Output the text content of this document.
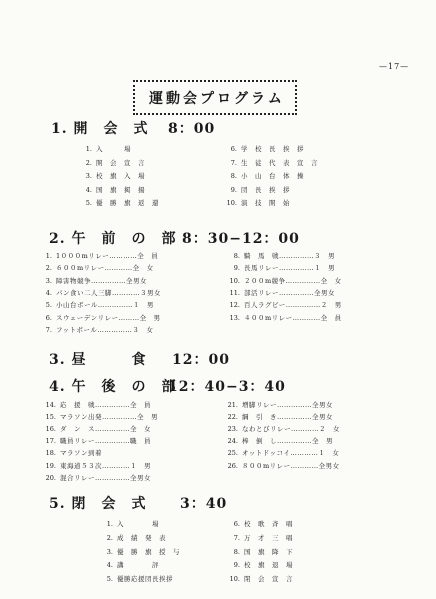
—17—
運動会プログラム
1. 開　会　式 8：00
1. 入　　　場
2. 開　会　宣　言
3. 校　旗　入　場
4. 国　旗　掲　揚
5. 優　勝　旗　返　還
6. 学　校　長　挨　拶
7. 生　徒　代　表　宣　言
8. 小　山　台　体　操
9. 団　長　挨　拶
10. 演　技　開　始
2. 午　前　の　部 8：30−12：00
1. 1０００mリレー…………全　員
2. ６００mリレー…………全　女
3. 障害物競争……………全男女
4. パン食い二人三脚…………３男女
5. 小山台ボール……………１　男
6. スウェーデンリレー………全　男
7. フットボール……………３　女
8. 騎　馬　戦……………３　男
9. 長馬リレー……………１　男
10. ２００m競争……………全　女
11. 部活リレー……………全男女
12. 百人ラグビー……………２　男
13. ４００mリレー…………全　員
3. 昼　　　食 12：00
4. 午　後　の　部
12：40−3：40
14. 応　援　戦……………全　員
15. マラソン出発……………全　男
16. ダ　ン　ス……………全　女
17. 職員リレー……………職　員
18. マラソン到着
19. 東海道５３次…………１　男
20. 混合リレー……………全男女
21. 増脚リレー……………全男女
22. 綱　引　き……………全男女
23. なわとびリレー…………２　女
24. 棒　倒　し……………全　男
25. オットドッコイ…………１　女
26. ８００mリレー…………全男女
5. 閉　会　式 3：40
1. 入　　　　場
2. 成　績　発　表
3. 優　勝　旗　授　与
4. 講　　　　評
5. 優勝応援団長挨拶
6. 校　歌　斉　唱
7. 万　才　三　唱
8. 国　旗　降　下
9. 校　旗　退　場
10. 閉　会　宣　言
